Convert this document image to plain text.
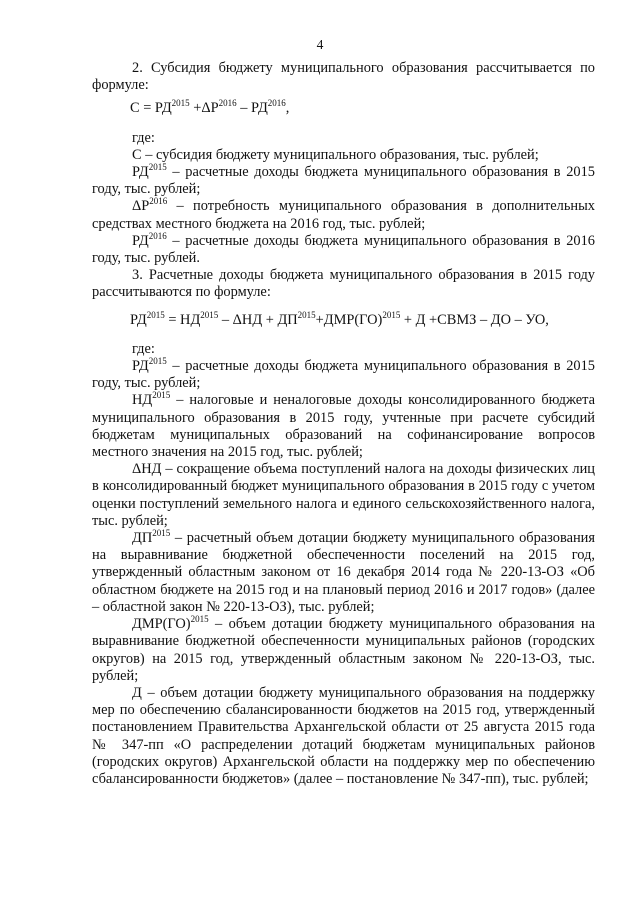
4

2. Субсидия бюджету муниципального образования рассчитывается по формуле:

$С = РД^{2015} +\Delta Р^{2016} - РД^{2016}$,

где:

С – субсидия бюджету муниципального образования, тыс. рублей;

$РД^{2015}$ – расчетные доходы бюджета муниципального образования в 2015 году, тыс. рублей;

$\Delta Р^{2016}$ – потребность муниципального образования в дополнительных средствах местного бюджета на 2016 год, тыс. рублей;

$РД^{2016}$ – расчетные доходы бюджета муниципального образования в 2016 году, тыс. рублей.

3. Расчетные доходы бюджета муниципального образования в 2015 году рассчитываются по формуле:

$РД^{2015} = НД^{2015} - \Delta НД + ДП^{2015}+ДМР(ГО)^{2015} + Д$ +СВМЗ – ДО – УО,

где:

$РД^{2015}$ – расчетные доходы бюджета муниципального образования в 2015 году, тыс. рублей;

$НД^{2015}$ – налоговые и неналоговые доходы консолидированного бюджета муниципального образования в 2015 году, учтенные при расчете субсидий бюджетам муниципальных образований на софинансирование вопросов местного значения на 2015 год, тыс. рублей;

ΔНД – сокращение объема поступлений налога на доходы физических лиц в консолидированный бюджет муниципального образования в 2015 году с учетом оценки поступлений земельного налога и единого сельскохозяйственного налога, тыс. рублей;

$ДП^{2015}$ – расчетный объем дотации бюджету муниципального образования на выравнивание бюджетной обеспеченности поселений на 2015 год, утвержденный областным законом от 16 декабря 2014 года № 220-13-ОЗ «Об областном бюджете на 2015 год и на плановый период 2016 и 2017 годов» (далее – областной закон № 220-13-ОЗ), тыс. рублей;

ДМР(ГО)$^{2015}$ – объем дотации бюджету муниципального образования на выравнивание бюджетной обеспеченности муниципальных районов (городских округов) на 2015 год, утвержденный областным законом № 220-13-ОЗ, тыс. рублей;

Д – объем дотации бюджету муниципального образования на поддержку мер по обеспечению сбалансированности бюджетов на 2015 год, утвержденный постановлением Правительства Архангельской области от 25 августа 2015 года № 347-пп «О распределении дотаций бюджетам муниципальных районов (городских округов) Архангельской области на поддержку мер по обеспечению сбалансированности бюджетов» (далее – постановление № 347-пп), тыс. рублей;
